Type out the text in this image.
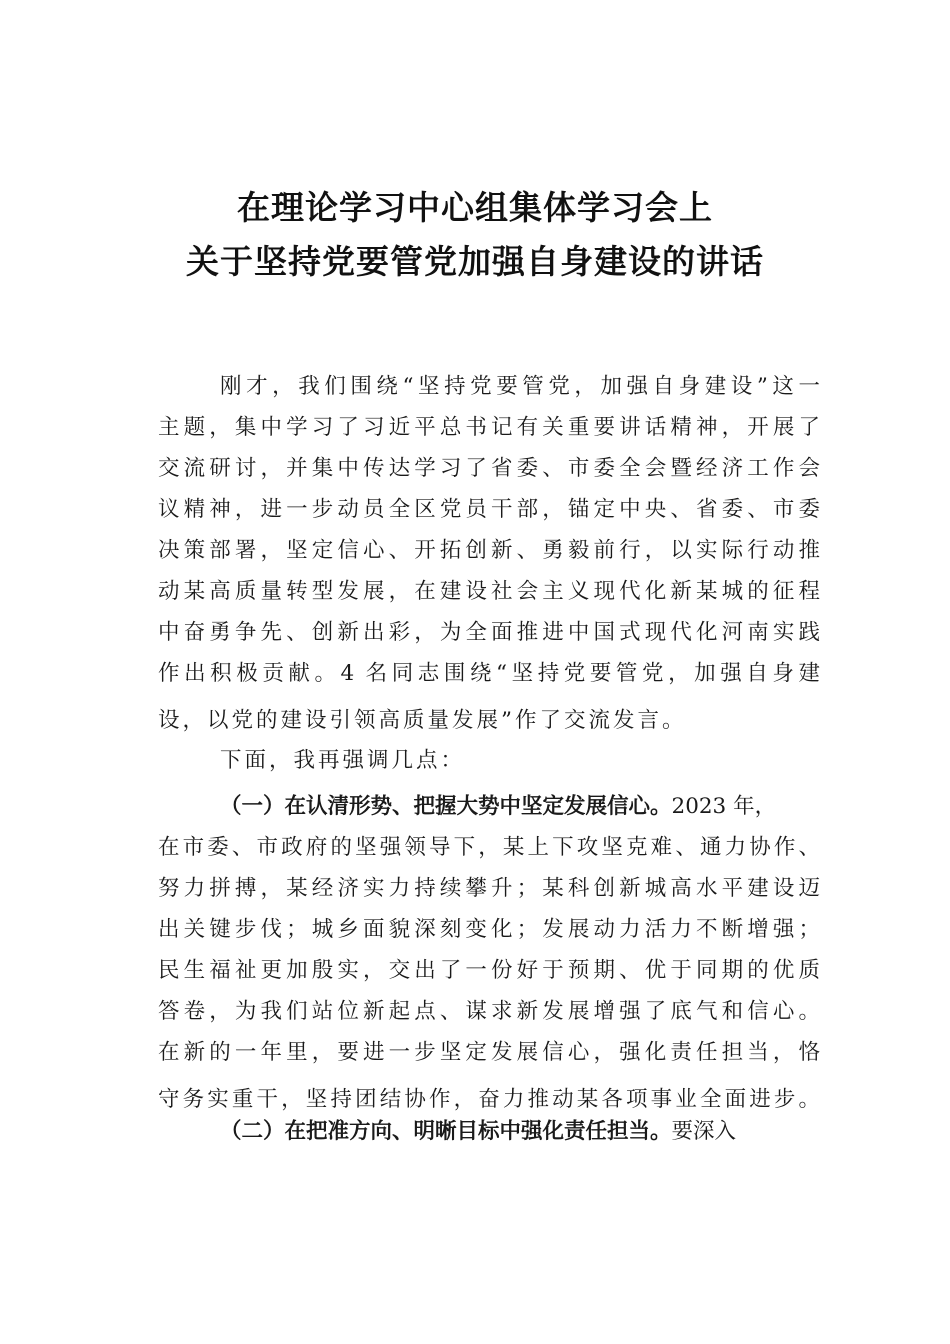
在理论学习中心组集体学习会上
关于坚持党要管党加强自身建设的讲话
刚才，我们围绕“坚持党要管党，加强自身建设”这一
主题，集中学习了习近平总书记有关重要讲话精神，开展了
交流研讨，并集中传达学习了省委、市委全会暨经济工作会
议精神，进一步动员全区党员干部，锚定中央、省委、市委
决策部署，坚定信心、开拓创新、勇毅前行，以实际行动推
动某高质量转型发展，在建设社会主义现代化新某城的征程
中奋勇争先、创新出彩，为全面推进中国式现代化河南实践
作出积极贡献。4 名同志围绕“坚持党要管党，加强自身建
设，以党的建设引领高质量发展”作了交流发言。
下面，我再强调几点：
（一）在认清形势、把握大势中坚定发展信心。2023 年，
在市委、市政府的坚强领导下，某上下攻坚克难、通力协作、
努力拼搏，某经济实力持续攀升；某科创新城高水平建设迈
出关键步伐；城乡面貌深刻变化；发展动力活力不断增强；
民生福祉更加殷实，交出了一份好于预期、优于同期的优质
答卷，为我们站位新起点、谋求新发展增强了底气和信心。
在新的一年里，要进一步坚定发展信心，强化责任担当，恪
守务实重干，坚持团结协作，奋力推动某各项事业全面进步。
（二）在把准方向、明晰目标中强化责任担当。要深入
